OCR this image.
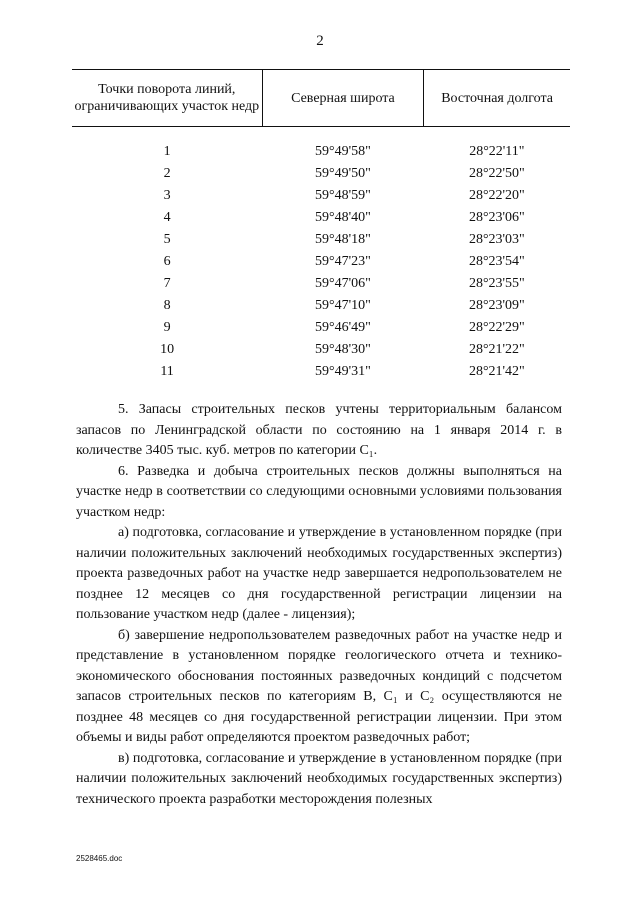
2
Точки поворота линий, ограничивающих участок недр	Северная широта	Восточная долгота
1	59°49'58"	28°22'11"
2	59°49'50"	28°22'50"
3	59°48'59"	28°22'20"
4	59°48'40"	28°23'06"
5	59°48'18"	28°23'03"
6	59°47'23"	28°23'54"
7	59°47'06"	28°23'55"
8	59°47'10"	28°23'09"
9	59°46'49"	28°22'29"
10	59°48'30"	28°21'22"
11	59°49'31"	28°21'42"

5. Запасы строительных песков учтены территориальным балансом запасов по Ленинградской области по состоянию на 1 января 2014 г. в количестве 3405 тыс. куб. метров по категории C₁.

6. Разведка и добыча строительных песков должны выполняться на участке недр в соответствии со следующими основными условиями пользования участком недр:

а) подготовка, согласование и утверждение в установленном порядке (при наличии положительных заключений необходимых государственных экспертиз) проекта разведочных работ на участке недр завершается недропользователем не позднее 12 месяцев со дня государственной регистрации лицензии на пользование участком недр (далее - лицензия);

б) завершение недропользователем разведочных работ на участке недр и представление в установленном порядке геологического отчета и технико-экономического обоснования постоянных разведочных кондиций с подсчетом запасов строительных песков по категориям B, C₁ и C₂ осуществляются не позднее 48 месяцев со дня государственной регистрации лицензии. При этом объемы и виды работ определяются проектом разведочных работ;

в) подготовка, согласование и утверждение в установленном порядке (при наличии положительных заключений необходимых государственных экспертиз) технического проекта разработки месторождения полезных

2528465.doc
